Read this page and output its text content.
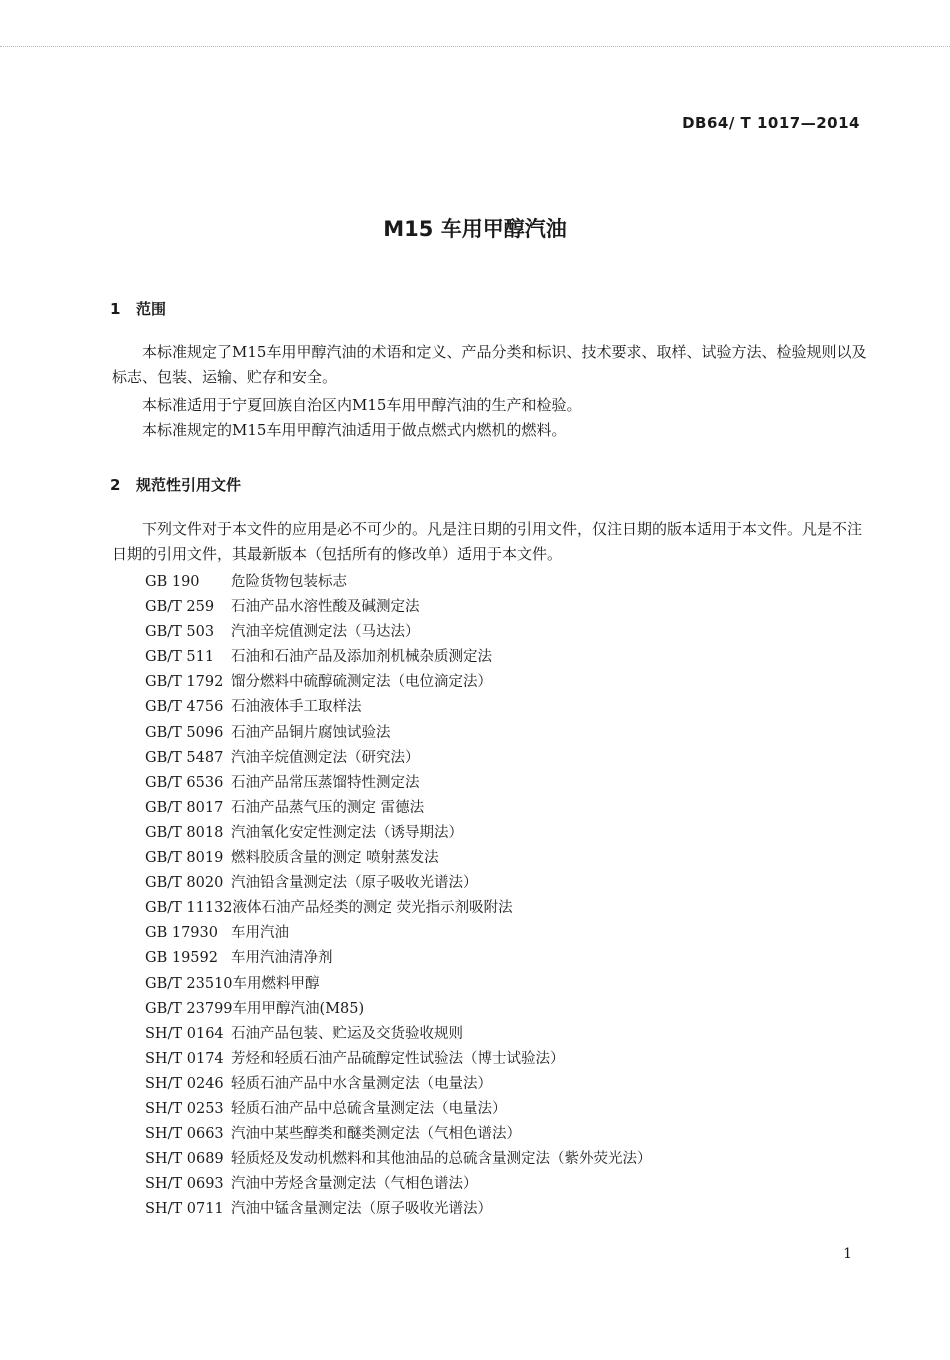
DB64/ T 1017—2014
M15 车用甲醇汽油
1 范围

本标准规定了M15车用甲醇汽油的术语和定义、产品分类和标识、技术要求、取样、试验方法、检验规则以及标志、包装、运输、贮存和安全。

本标准适用于宁夏回族自治区内M15车用甲醇汽油的生产和检验。

本标准规定的M15车用甲醇汽油适用于做点燃式内燃机的燃料。

2 规范性引用文件

下列文件对于本文件的应用是必不可少的。凡是注日期的引用文件，仅注日期的版本适用于本文件。凡是不注日期的引用文件，其最新版本（包括所有的修改单）适用于本文件。

GB 190 危险货物包装标志
GB/T 259 石油产品水溶性酸及碱测定法
GB/T 503 汽油辛烷值测定法（马达法）
GB/T 511 石油和石油产品及添加剂机械杂质测定法
GB/T 1792 馏分燃料中硫醇硫测定法（电位滴定法）
GB/T 4756 石油液体手工取样法
GB/T 5096 石油产品铜片腐蚀试验法
GB/T 5487 汽油辛烷值测定法（研究法）
GB/T 6536 石油产品常压蒸馏特性测定法
GB/T 8017 石油产品蒸气压的测定 雷德法
GB/T 8018 汽油氧化安定性测定法（诱导期法）
GB/T 8019 燃料胶质含量的测定 喷射蒸发法
GB/T 8020 汽油铅含量测定法（原子吸收光谱法）
GB/T 11132液体石油产品烃类的测定 荧光指示剂吸附法
GB 17930 车用汽油
GB 19592 车用汽油清净剂
GB/T 23510车用燃料甲醇
GB/T 23799车用甲醇汽油(M85)
SH/T 0164 石油产品包装、贮运及交货验收规则
SH/T 0174 芳烃和轻质石油产品硫醇定性试验法（博士试验法）
SH/T 0246 轻质石油产品中水含量测定法（电量法）
SH/T 0253 轻质石油产品中总硫含量测定法（电量法）
SH/T 0663 汽油中某些醇类和醚类测定法（气相色谱法）
SH/T 0689 轻质烃及发动机燃料和其他油品的总硫含量测定法（紫外荧光法）
SH/T 0693 汽油中芳烃含量测定法（气相色谱法）
SH/T 0711 汽油中锰含量测定法（原子吸收光谱法）
1
